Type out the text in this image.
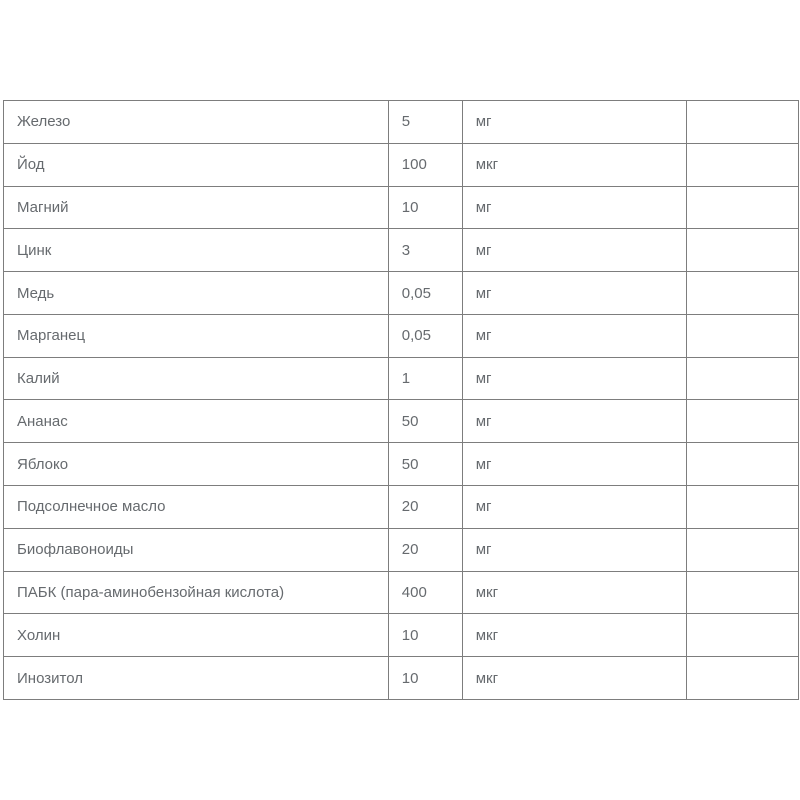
Железо	5	мг	
Йод	100	мкг	
Магний	10	мг	
Цинк	3	мг	
Медь	0,05	мг	
Марганец	0,05	мг	
Калий	1	мг	
Ананас	50	мг	
Яблоко	50	мг	
Подсолнечное масло	20	мг	
Биофлавоноиды	20	мг	
ПАБК (пара-аминобензойная кислота)	400	мкг	
Холин	10	мкг	
Инозитол	10	мкг	
